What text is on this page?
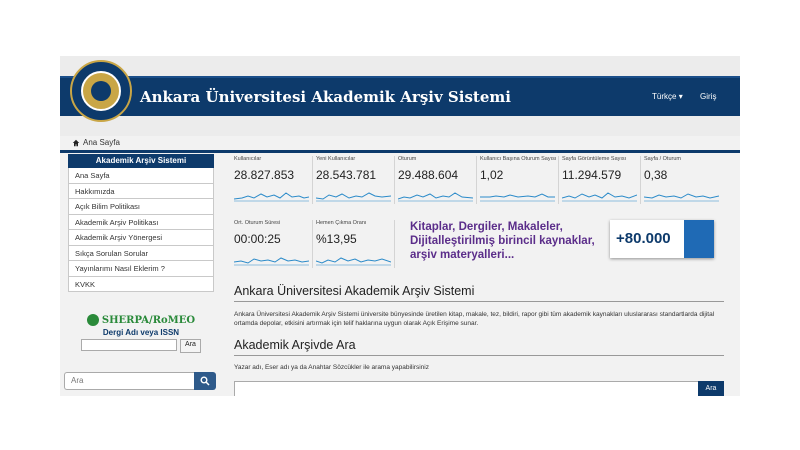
Ankara Üniversitesi Akademik Arşiv Sistemi	Türkçe ▾ Giriş
Ana Sayfa
Akademik Arşiv Sistemi
Ana Sayfa
Hakkımızda
Açık Bilim Politikası
Akademik Arşiv Politikası
Akademik Arşiv Yönergesi
Sıkça Sorulan Sorular
Yayınlarımı Nasıl Eklerim ?
KVKK
SHERPA/RoMEO
Dergi Adı veya ISSN
Ara
Ara
Kullanıcılar
28.827.853
Yeni Kullanıcılar
28.543.781
Oturum
29.488.604
Kullanıcı Başına Oturum Sayısı
1,02
Sayfa Görüntüleme Sayısı
11.294.579
Sayfa / Oturum
0,38
Ort. Oturum Süresi
00:00:25
Hemen Çıkma Oranı
%13,95
Kitaplar, Dergiler, Makaleler,
Dijitalleştirilmiş birincil kaynaklar,
arşiv materyalleri...
+80.000
Ankara Üniversitesi Akademik Arşiv Sistemi
Ankara Üniversitesi Akademik Arşiv Sistemi üniversite bünyesinde üretilen kitap, makale, tez, bildiri, rapor gibi tüm akademik kaynakları uluslararası standartlarda dijital ortamda depolar, etkisini artırmak için telif haklarına uygun olarak Açık Erişime sunar.
Akademik Arşivde Ara
Yazar adı, Eser adı ya da Anahtar Sözcükler ile arama yapabilirsiniz
Ara
